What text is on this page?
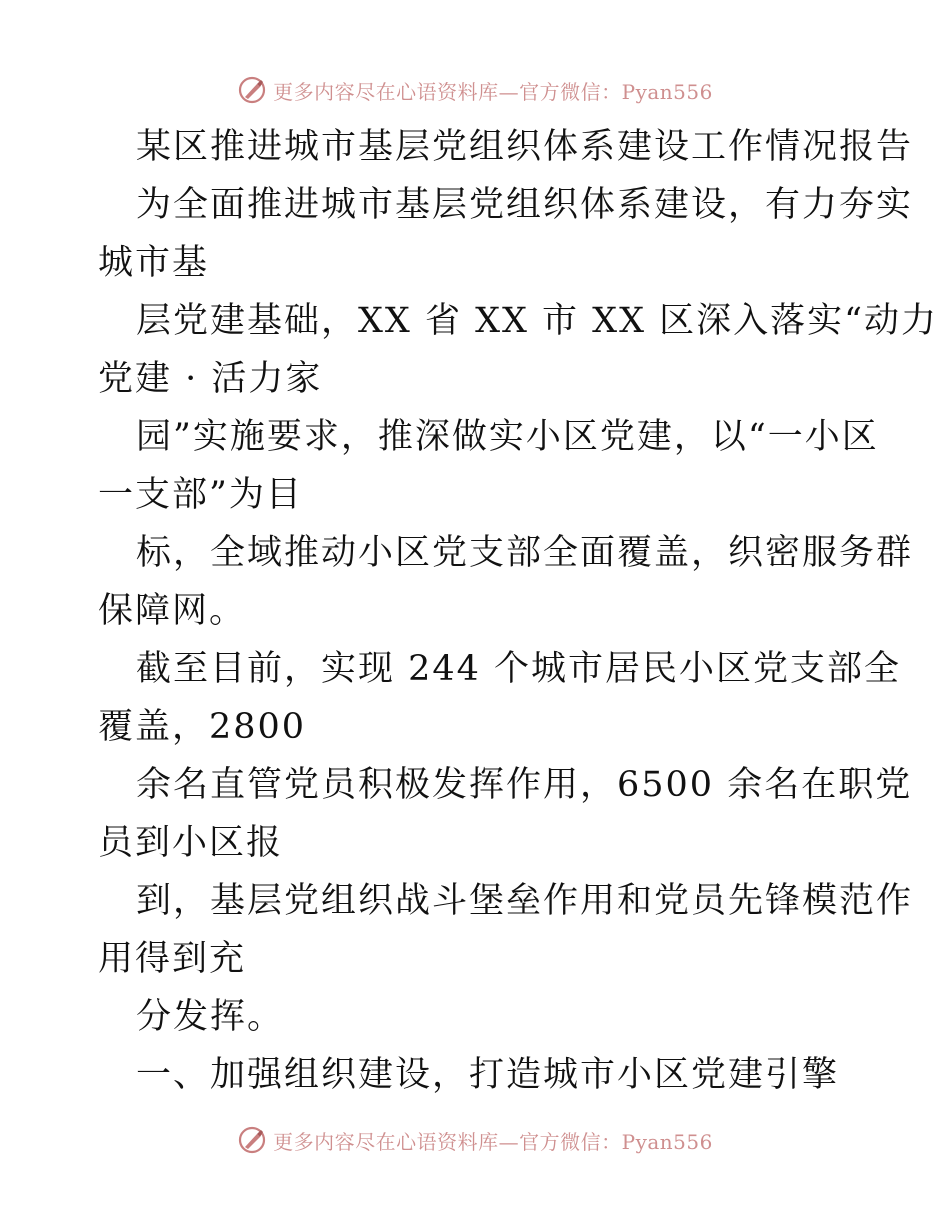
更多内容尽在心语资料库—官方微信：Pyan556
某区推进城市基层党组织体系建设工作情况报告
为全面推进城市基层党组织体系建设，有力夯实
城市基
层党建基础，XX 省 XX 市 XX 区深入落实“动力
党建 · 活力家
园”实施要求，推深做实小区党建，以“一小区
一支部”为目
标，全域推动小区党支部全面覆盖，织密服务群
保障网。
截至目前，实现 244 个城市居民小区党支部全
覆盖，2800
余名直管党员积极发挥作用，6500 余名在职党
员到小区报
到，基层党组织战斗堡垒作用和党员先锋模范作
用得到充
分发挥。
一、加强组织建设，打造城市小区党建引擎
更多内容尽在心语资料库—官方微信：Pyan556
